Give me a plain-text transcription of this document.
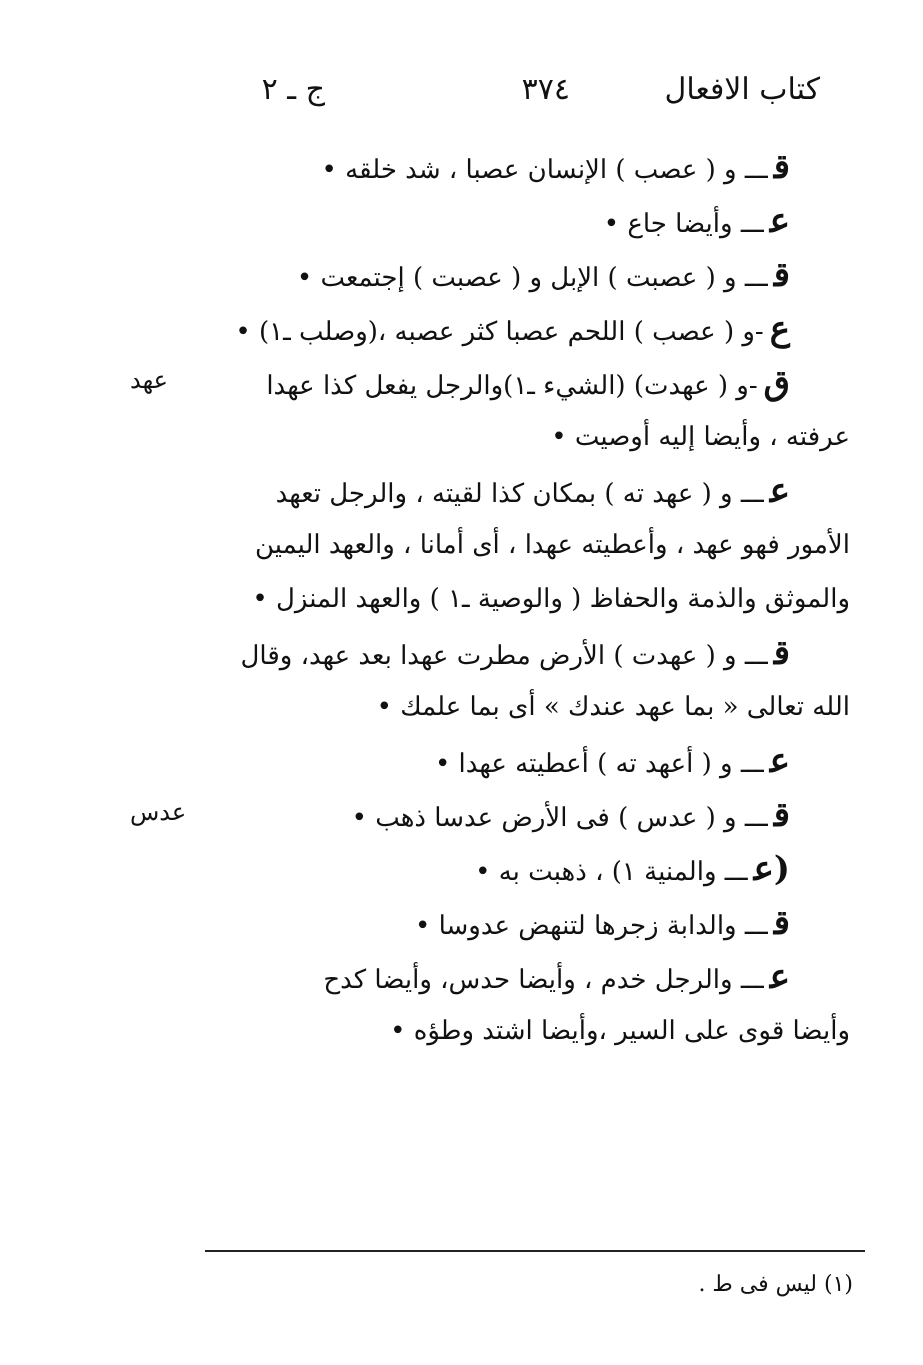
كتاب الافعال
٣٧٤
ج ـ ٢
قـــ و ( عصب ) الإنسان عصبا ، شد خلقه •
عـــ وأيضا جاع •
قـــ و ( عصبت ) الإبل و ( عصبت ) إجتمعت •
ع-و ( عصب ) اللحم عصبا كثر عصبه ،(وصلب ـ١) •
ق-و ( عهدت) (الشيء ـ١)والرجل يفعل كذا عهدا
عرفته ، وأيضا إليه أوصيت •
عـــ و ( عهد ته ) بمكان كذا لقيته ، والرجل تعهد
الأمور فهو عهد ، وأعطيته عهدا ، أى أمانا ، والعهد اليمين
والموثق والذمة والحفاظ ( والوصية ـ١ ) والعهد المنزل •
قـــ و ( عهدت ) الأرض مطرت عهدا بعد عهد، وقال
الله تعالى « بما عهد عندك » أى بما علمك •
عـــ و ( أعهد ته ) أعطيته عهدا •
قـــ و ( عدس ) فى الأرض عدسا ذهب •
(عـــ والمنية ١) ، ذهبت به •
قـــ والدابة زجرها لتنهض عدوسا •
عـــ والرجل خدم ، وأيضا حدس، وأيضا كدح
وأيضا قوى على السير ،وأيضا اشتد وطؤه •
عهد
عدس
(١) ليس فى ط .
